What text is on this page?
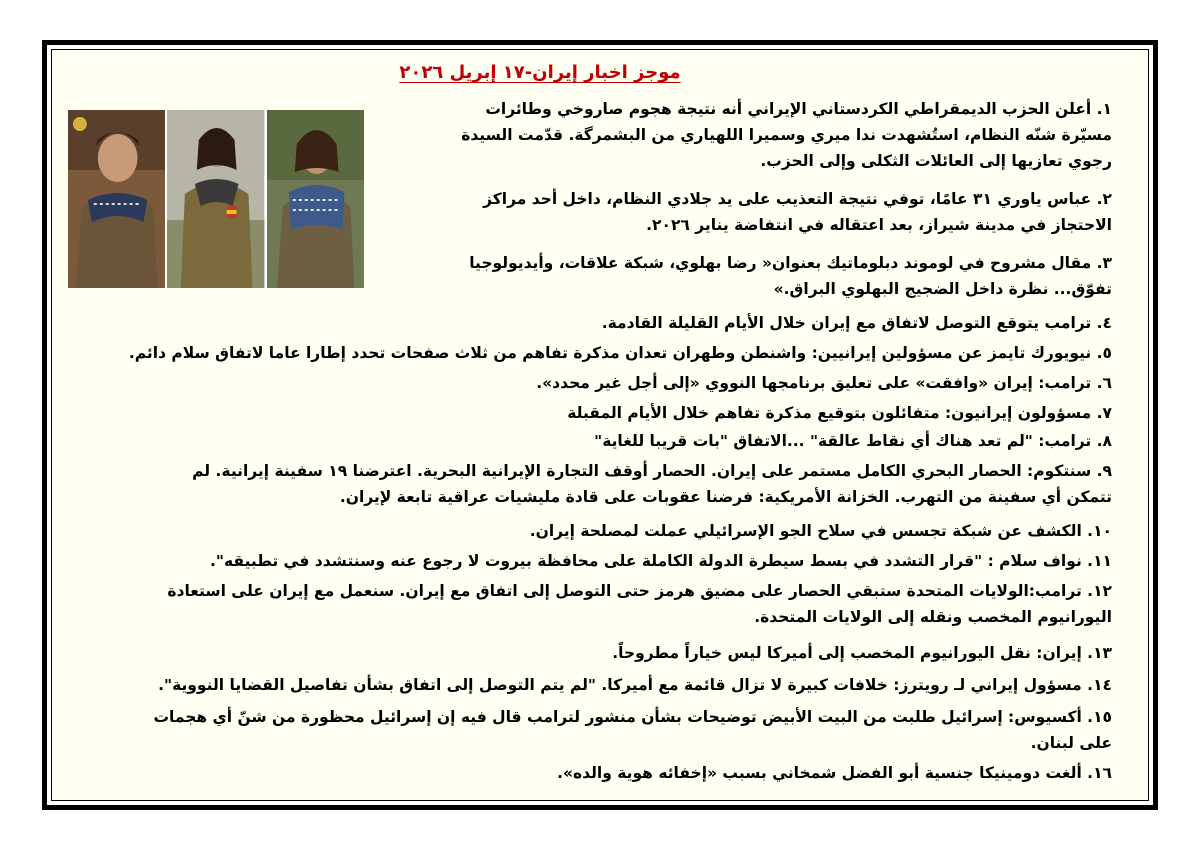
موجز اخبار إيران-١٧ إبريل ٢٠٢٦
١. أعلن الحزب الديمقراطي الكردستاني الإيراني أنه نتيجة هجوم صاروخي وطائرات
مسيّرة شنّه النظام، استُشهدت ندا ميري وسميرا اللهياري من البشمرگة. قدّمت السيدة
رجوي تعازيها إلى العائلات الثكلى وإلى الحزب.
٢. عباس ياوري ٣١ عامًا، توفي نتيجة التعذيب على يد جلادي النظام، داخل أحد مراكز
الاحتجاز في مدينة شيراز، بعد اعتقاله في انتفاضة يناير ٢٠٢٦.
٣. مقال مشروح في لوموند دبلوماتيك بعنوان« رضا بهلوي، شبكة علاقات، وأيديولوجيا
تفوّق... نظرة داخل الضجيج البهلوي البراق.»
٤. ترامب يتوقع التوصل لاتفاق مع إيران خلال الأيام القليلة القادمة.
٥. نيويورك تايمز عن مسؤولين إيرانيين: واشنطن وطهران تعدان مذكرة تفاهم من ثلاث صفحات تحدد إطارا عاما لاتفاق سلام دائم.
٦. ترامب: إيران «وافقت» على تعليق برنامجها النووي «إلى أجل غير محدد».
٧. مسؤولون إيرانيون: متفائلون بتوقيع مذكرة تفاهم خلال الأيام المقبلة
٨. ترامب: "لم تعد هناك أي نقاط عالقة" ...الاتفاق "بات قريبا للغاية"
٩. سنتكوم: الحصار البحري الكامل مستمر على إيران. الحصار أوقف التجارة الإيرانية البحرية. اعترضنا ١٩ سفينة إيرانية. لم
تتمكن أي سفينة من التهرب. الخزانة الأمريكية: فرضنا عقوبات على قادة مليشيات عراقية تابعة لإيران.
١٠. الكشف عن شبكة تجسس في سلاح الجو الإسرائيلي عملت لمصلحة إيران.
١١. نواف سلام : "قرار التشدد في بسط سيطرة الدولة الكاملة على محافظة بيروت لا رجوع عنه وسنتشدد في تطبيقه".
١٢. ترامب:الولايات المتحدة ستبقي الحصار على مضيق هرمز حتى التوصل إلى اتفاق مع إيران. سنعمل مع إيران على استعادة
اليورانيوم المخصب ونقله إلى الولايات المتحدة.
١٣. إيران: نقل اليورانيوم المخصب إلى أميركا ليس خياراً مطروحاً.
١٤. مسؤول إيراني لـ رويترز: خلافات كبيرة لا تزال قائمة مع أميركا. "لم يتم التوصل إلى اتفاق بشأن تفاصيل القضايا النووية".
١٥. أكسيوس: إسرائيل طلبت من البيت الأبيض توضيحات بشأن منشور لترامب قال فيه إن إسرائيل محظورة من شنّ أي هجمات
على لبنان.
١٦. ألغت دومينيكا جنسية أبو الفضل شمخاني بسبب «إخفائه هوية والده».
